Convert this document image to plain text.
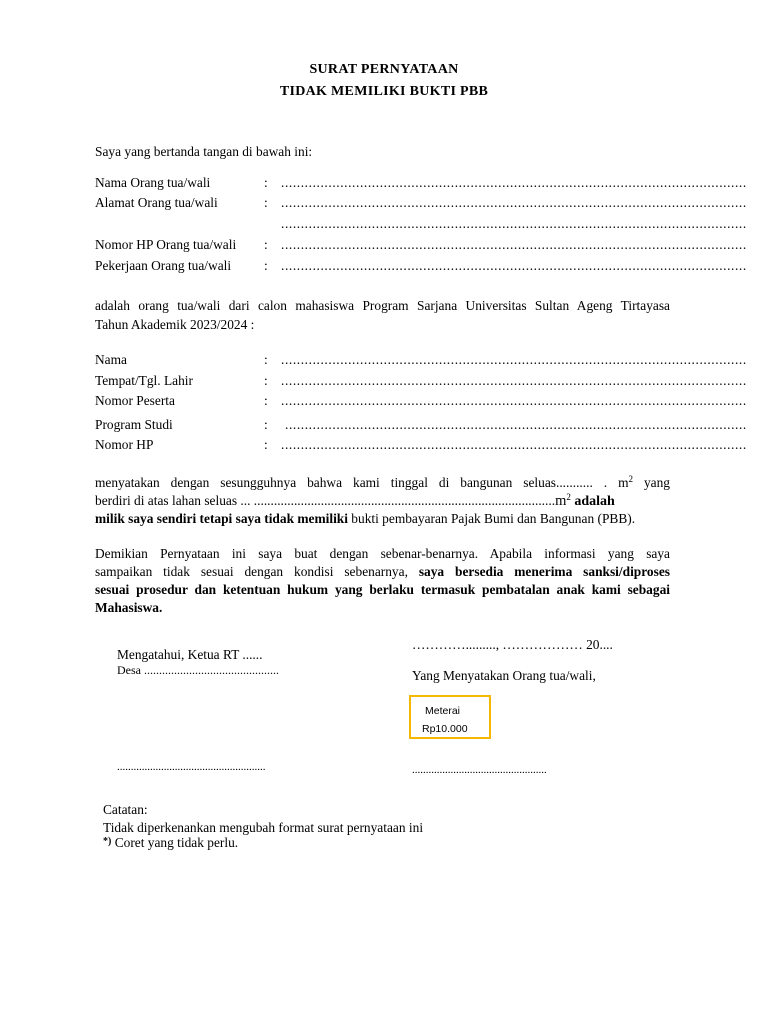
SURAT PERNYATAAN
TIDAK MEMILIKI BUKTI PBB
Saya yang bertanda tangan di bawah ini:
Nama Orang tua/wali	: ......................................................................................................................
Alamat Orang tua/wali	: ......................................................................................................................
......................................................................................................................
Nomor HP Orang tua/wali : ......................................................................................................................
Pekerjaan Orang tua/wali : ......................................................................................................................
adalah orang tua/wali dari calon mahasiswa Program Sarjana Universitas Sultan Ageng Tirtayasa
Tahun Akademik 2023/2024 :
Nama	: ......................................................................................................................
Tempat/Tgl. Lahir	: ......................................................................................................................
Nomor Peserta	: ......................................................................................................................
Program Studi	: .....................................................................................................................
Nomor HP	: ......................................................................................................................
menyatakan dengan sesungguhnya bahwa kami tinggal di bangunan seluas........... . $m^2$ yang
berdiri di atas lahan seluas ... $..........................................................................................m^2$ adalah
milik saya sendiri tetapi saya tidak memiliki bukti pembayaran Pajak Bumi dan Bangunan (PBB).
Demikian Pernyataan ini saya buat dengan sebenar-benarnya. Apabila informasi yang saya
sampaikan tidak sesuai dengan kondisi sebenarnya, saya bersedia menerima sanksi/diproses
sesuai prosedur dan ketentuan hukum yang berlaku termasuk pembatalan anak kami sebagai
Mahasiswa.
Mengatahui, Ketua RT ......
Desa .............................................
......................................................
…………........., ……………… 20....
Yang Menyatakan Orang tua/wali,
Meterai
Rp10.000
.................................................
Catatan:
Tidak diperkenankan mengubah format surat pernyataan ini
*) Coret yang tidak perlu.
